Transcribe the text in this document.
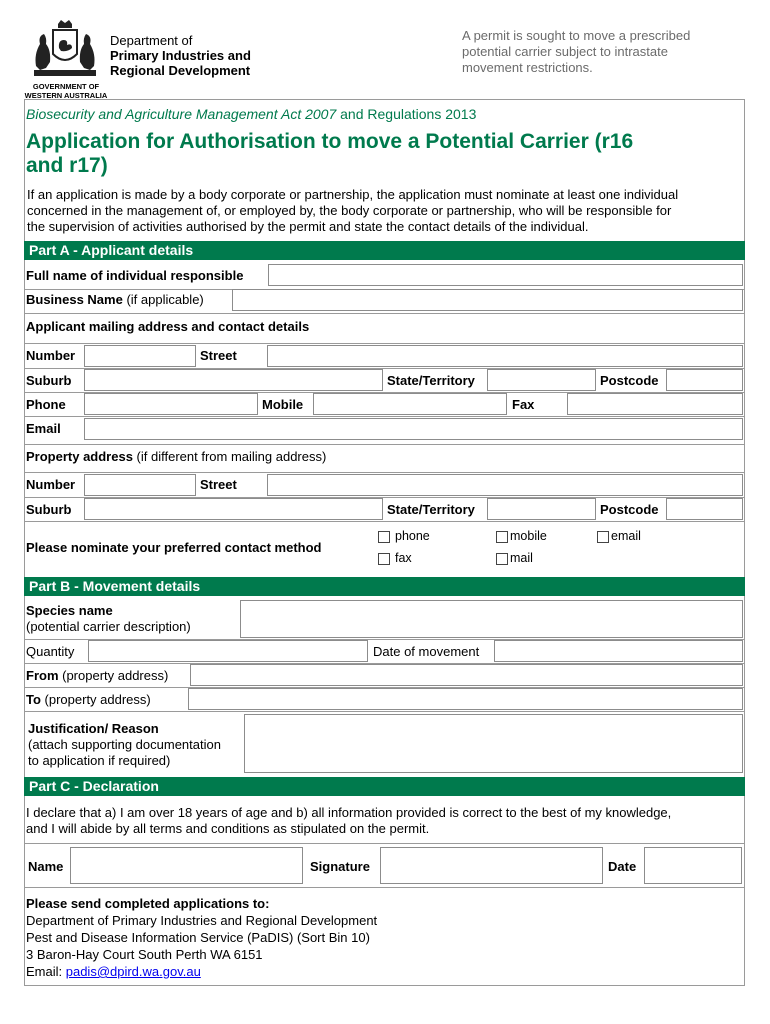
GOVERNMENT OF
WESTERN AUSTRALIA
Department of
Primary Industries and
Regional Development
A permit is sought to move a prescribed
potential carrier subject to intrastate
movement restrictions.
Biosecurity and Agriculture Management Act 2007 and Regulations 2013
Application for Authorisation to move a Potential Carrier (r16
and r17)
If an application is made by a body corporate or partnership, the application must nominate at least one individual
concerned in the management of, or employed by, the body corporate or partnership, who will be responsible for
the supervision of activities authorised by the permit and state the contact details of the individual.
Part A - Applicant details
Full name of individual responsible
Business Name (if applicable)
Applicant mailing address and contact details
Number	Street
Suburb	State/Territory	Postcode
Phone	Mobile	Fax
Email
Property address (if different from mailing address)
Number	Street
Suburb	State/Territory	Postcode
Please nominate your preferred contact method
phone	mobile	email
fax	mail
Part B - Movement details
Species name
(potential carrier description)
Quantity	Date of movement
From (property address)
To (property address)
Justification/ Reason
(attach supporting documentation
to application if required)
Part C - Declaration
I declare that a) I am over 18 years of age and b) all information provided is correct to the best of my knowledge,
and I will abide by all terms and conditions as stipulated on the permit.
Name	Signature	Date
Please send completed applications to:
Department of Primary Industries and Regional Development
Pest and Disease Information Service (PaDIS) (Sort Bin 10)
3 Baron-Hay Court South Perth WA 6151
Email: padis@dpird.wa.gov.au
